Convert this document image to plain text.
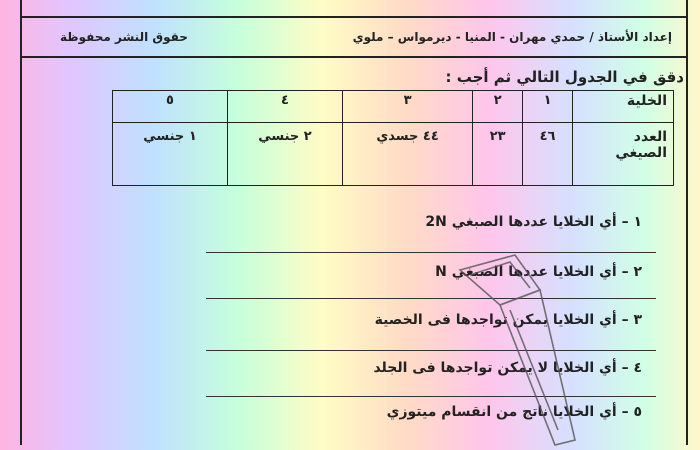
إعداد الأستاذ / حمدي مهران - المنيا - ديرمواس – ملوي
حقوق النشر محفوظة
دقق في الجدول التالي ثم أجب :
الخلية	١	٢	٣	٤	٥
العدد الصيغي	٤٦	٢٣	٤٤ جسدي	٢ جنسي	١ جنسي
١ – أي الخلايا عددها الصبغي 2N
٢ – أي الخلايا عددها الصبغي N
٣ – أي الخلايا يمكن تواجدها فى الخصية
٤ – أي الخلايا لا يمكن تواجدها فى الجلد
٥ – أي الخلايا ناتج من انقسام ميتوزي
